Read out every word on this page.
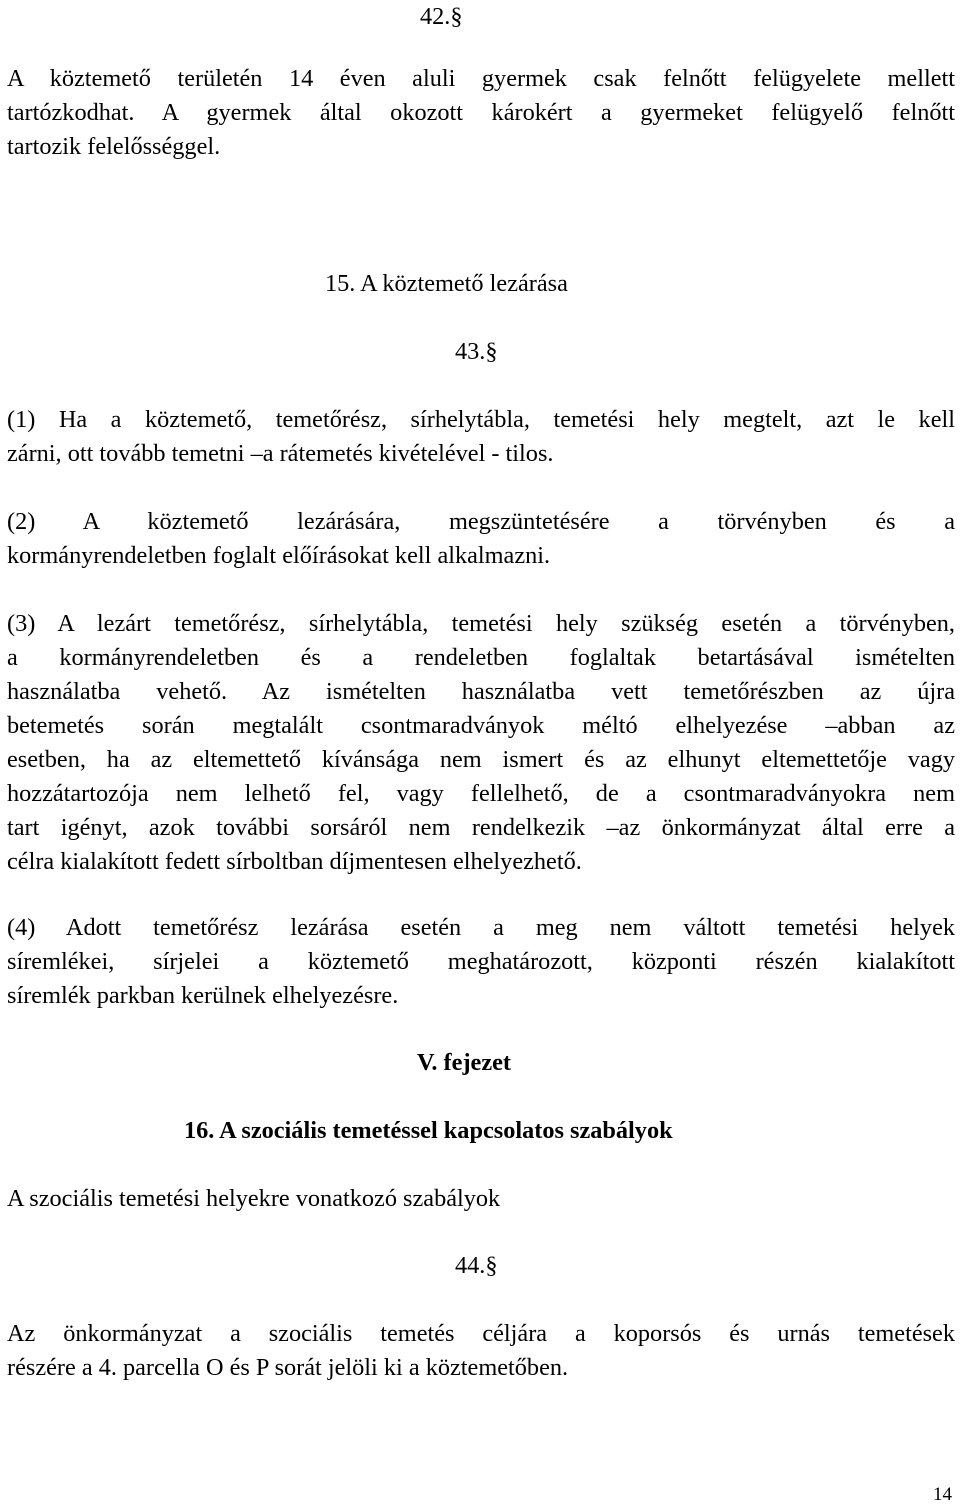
42.§
A köztemető területén 14 éven aluli gyermek csak felnőtt felügyelete mellett
tartózkodhat. A gyermek által okozott károkért a gyermeket felügyelő felnőtt
tartozik felelősséggel.
15. A köztemető lezárása
43.§
(1) Ha a köztemető, temetőrész, sírhelytábla, temetési hely megtelt, azt le kell
zárni, ott tovább temetni –a rátemetés kivételével - tilos.
(2) A köztemető lezárására, megszüntetésére a törvényben és a
kormányrendeletben foglalt előírásokat kell alkalmazni.
(3) A lezárt temetőrész, sírhelytábla, temetési hely szükség esetén a törvényben,
a kormányrendeletben és a rendeletben foglaltak betartásával ismételten
használatba vehető. Az ismételten használatba vett temetőrészben az újra
betemetés során megtalált csontmaradványok méltó elhelyezése –abban az
esetben, ha az eltemettető kívánsága nem ismert és az elhunyt eltemettetője vagy
hozzátartozója nem lelhető fel, vagy fellelhető, de a csontmaradványokra nem
tart igényt, azok további sorsáról nem rendelkezik –az önkormányzat által erre a
célra kialakított fedett sírboltban díjmentesen elhelyezhető.
(4) Adott temetőrész lezárása esetén a meg nem váltott temetési helyek
síremlékei, sírjelei a köztemető meghatározott, központi részén kialakított
síremlék parkban kerülnek elhelyezésre.
V. fejezet
16. A szociális temetéssel kapcsolatos szabályok
A szociális temetési helyekre vonatkozó szabályok
44.§
Az önkormányzat a szociális temetés céljára a koporsós és urnás temetések
részére a 4. parcella O és P sorát jelöli ki a köztemetőben.
14
